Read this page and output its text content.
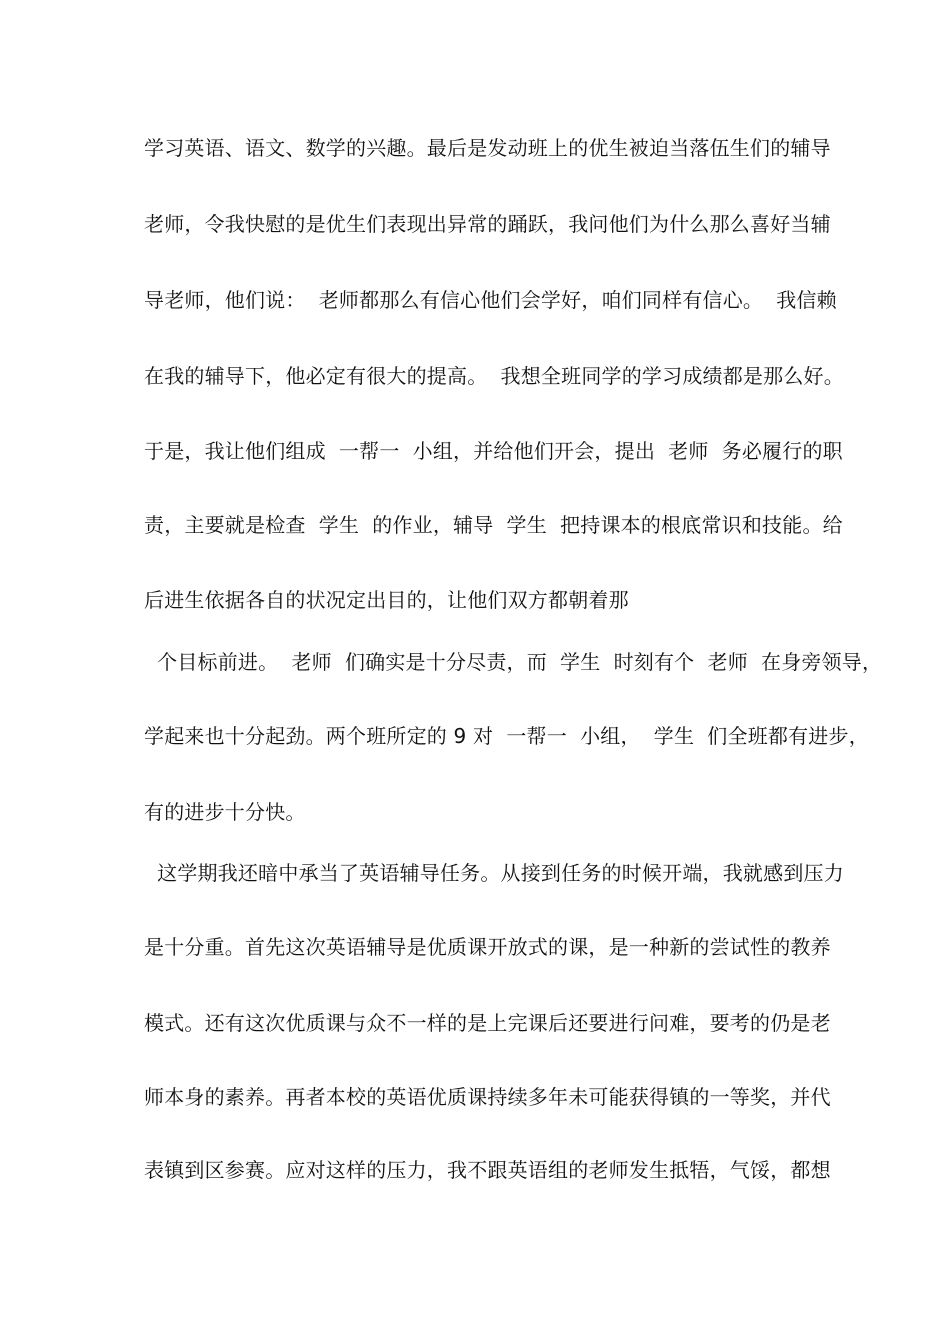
学习英语、语文、数学的兴趣。最后是发动班上的优生被迫当落伍生们的辅导
老师，令我快慰的是优生们表现出异常的踊跃，我问他们为什么那么喜好当辅
导老师，他们说：  老师都那么有信心他们会学好，咱们同样有信心。  我信赖
在我的辅导下，他必定有很大的提高。  我想全班同学的学习成绩都是那么好。
于是，我让他们组成  一帮一  小组，并给他们开会，提出  老师  务必履行的职
责，主要就是检查  学生  的作业，辅导  学生  把持课本的根底常识和技能。给
后进生依据各自的状况定出目的，让他们双方都朝着那
个目标前进。  老师  们确实是十分尽责，而  学生  时刻有个  老师  在身旁领导，
学起来也十分起劲。两个班所定的 9 对  一帮一  小组，  学生  们全班都有进步，
有的进步十分快。
这学期我还暗中承当了英语辅导任务。从接到任务的时候开端，我就感到压力
是十分重。首先这次英语辅导是优质课开放式的课，是一种新的尝试性的教养
模式。还有这次优质课与众不一样的是上完课后还要进行问难，要考的仍是老
师本身的素养。再者本校的英语优质课持续多年未可能获得镇的一等奖，并代
表镇到区参赛。应对这样的压力，我不跟英语组的老师发生抵牾，气馁，都想
